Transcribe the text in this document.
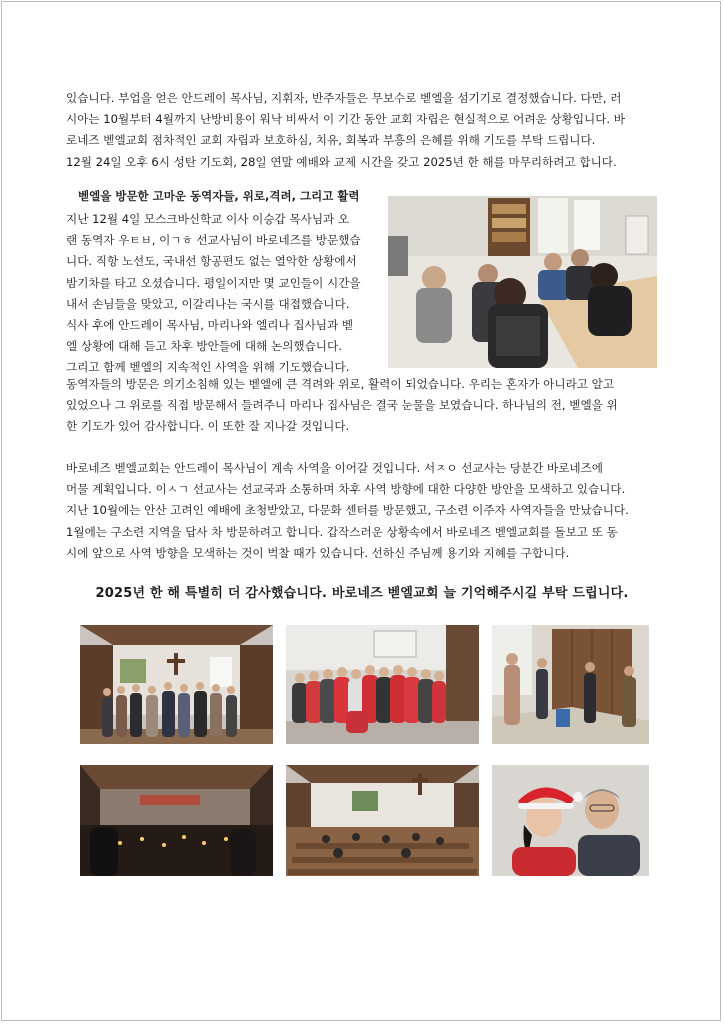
있습니다. 부업을 얻은 안드레이 목사님, 지휘자, 반주자들은 무보수로 벧엘을 섬기기로 결정했습니다. 다만, 러
시아는 10월부터 4월까지 난방비용이 워낙 비싸서 이 기간 동안 교회 자립은 현실적으로 어려운 상황입니다. 바
로네즈 벧엘교회 점차적인 교회 자립과 보호하심, 치유, 회복과 부흥의 은혜를 위해 기도를 부탁 드립니다.
12월 24일 오후 6시 성탄 기도회, 28일 연말 예배와 교제 시간을 갖고 2025년 한 해를 마무리하려고 합니다.

벧엘을 방문한 고마운 동역자들, 위로,격려, 그리고 활력

지난 12월 4일 모스크바신학교 이사 이승갑 목사님과 오
랜 동역자 우ㅌㅂ, 이ㄱㅎ 선교사님이 바로네즈를 방문했습
니다. 직항 노선도, 국내선 항공편도 없는 열악한 상황에서
밤기차를 타고 오셨습니다. 평일이지만 몇 교인들이 시간을
내서 손님들을 맞았고, 이갈리나는 국시를 대접했습니다.
식사 후에 안드레이 목사님, 마리나와 엘리나 집사님과 벧
엘 상황에 대해 듣고 차후 방안들에 대해 논의했습니다.
그리고 함께 벧엘의 지속적인 사역을 위해 기도했습니다.
동역자들의 방문은 의기소침해 있는 벧엘에 큰 격려와 위로, 활력이 되었습니다. 우리는 혼자가 아니라고 알고
있었으나 그 위로를 직접 방문해서 들려주니 마리나 집사님은 결국 눈물을 보였습니다. 하나님의 전, 벧엘을 위
한 기도가 있어 감사합니다. 이 또한 잘 지나갈 것입니다.
바로네즈 벧엘교회는 안드레이 목사님이 계속 사역을 이어갈 것입니다. 서ㅈㅇ 선교사는 당분간 바로네즈에
머물 계획입니다. 이ㅅㄱ 선교사는 선교국과 소통하며 차후 사역 방향에 대한 다양한 방안을 모색하고 있습니다.
지난 10월에는 안산 고려인 예배에 초청받았고, 다문화 센터를 방문했고, 구소련 이주자 사역자들을 만났습니다.
1월에는 구소련 지역을 답사 차 방문하려고 합니다. 갑작스러운 상황속에서 바로네즈 벧엘교회를 돌보고 또 동
시에 앞으로 사역 방향을 모색하는 것이 벅찰 때가 있습니다. 선하신 주님께 용기와 지혜를 구합니다.

2025년 한 해 특별히 더 감사했습니다. 바로네즈 벧엘교회 늘 기억해주시길 부탁 드립니다.
